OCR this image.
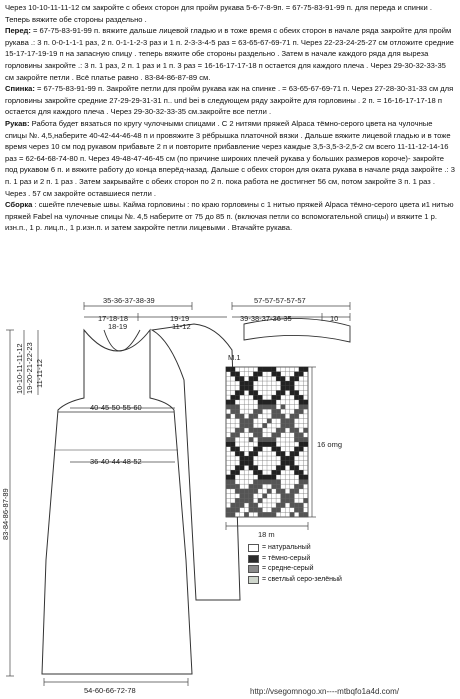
Через 10-10-11-11-12 см закройте с обеих сторон для пройм рукава 5-6-7-8-9п. = 67-75-83-91-99 п. для переда и спинки . Теперь вяжите обе стороны раздельно .

Перед: = 67-75-83-91-99 п. вяжите дальше лицевой гладью и в тоже время с обеих сторон в начале ряда закройте для пройм рукава .: 3 п. 0-0-1-1-1 раз, 2 п. 0-1-1-2-3 раз и 1 п. 2-3-3-4-5 раз = 63-65-67-69-71 п. Через 22-23-24-25-27 см отложите средние 15-17-17-19-19 п на запасную спицу . теперь вяжите обе стороны раздельно . Затем в начале каждого ряда для выреза горловины закройте .: 3 п. 1 раз, 2 п. 1 раз и 1 п. 3 раз = 16-16-17-17-18 п остается для каждого плеча . Через 29-30-32-33-35 см закройте петли . Всё платье равно . 83-84-86-87-89 см.

Спинка: = 67-75-83-91-99 п. Закройте петли для пройм рукава как на спинке . = 63-65-67-69-71 п. Через 27-28-30-31-33 см для горловины закройте средние 27-29-29-31-31 п.. und bei в следующем ряду закройте для горловины . 2 п. = 16-16-17-17-18 п остается для каждого плеча . Через 29-30-32-33-35 см.закройте все петли .

Рукав: Работа будет вязаться по кругу чулочными спицами . С 2 нитями пряжей Alpaca тёмно-серого цвета на чулочные спицы №. 4,5,наберите 40-42-44-46-48 п и провяжите 3 рёбрышка платочной вязки . Дальше вяжите лицевой гладью и в тоже время через 10 см под рукавом прибавьте 2 п и повторите прибавление через каждые 3,5-3,5-3-2,5-2 см всего 11-11-12-14-16 раз = 62-64-68-74-80 п. Через 49-48-47-46-45 см (по причине широких плечей рукава у больших размеров короче)- закройте под рукавом 6 п. и вяжите работу до конца вперёд-назад. Дальше с обеих сторон для оката рукава в начале ряда закройте .: 3 п. 1 раз и 2 п. 1 раз . Затем закрывайте с обеих сторон по 2 п. пока работа не достигнет 56 см, потом закройте 3 п. 1 раз . Через . 57 см закройте оставшиеся петли .

Сборка : сшейте плечевые швы. Кайма горловины : по краю горловины с 1 нитью пряжей Alpaca тёмно-серого цвета и1 нитью пряжей Fabel на чулочные спицы №. 4,5 наберите от 75 до 85 п. (включая петли со вспомогательной спицы) и вяжите 1 р. изн.п., 1 р. лиц.п., 1 р.изн.п. и затем закройте петли лицевыми . Втачайте рукава.

35-36-37-38-39
17-18-18
18-19
19-19
11-12
57-57-57-57-57
39-38-37-36-35	10
10-10-11-11-12 19-20-21-22-23 11-11-12
83-84-86-87-89
40-45-50-55-60
36-40-44-48-52
54-60-66-72-78
M.1
16 omg
18 m
= натуральный
= тёмно-серый
= средне-серый
= светлый серо-зелёный
http://vsegomnogo.xn----mtbqfo1a4d.com/
